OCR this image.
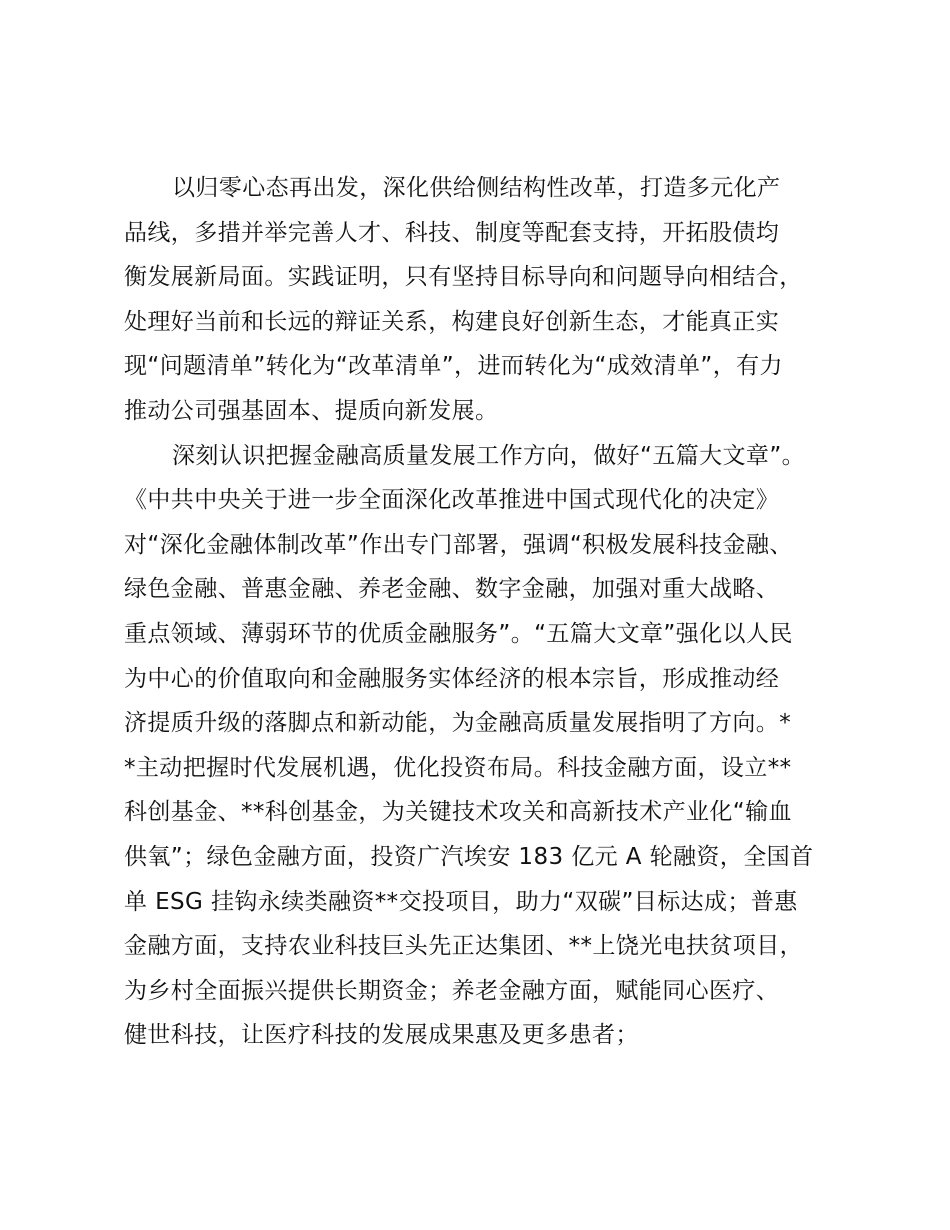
以归零心态再出发，深化供给侧结构性改革，打造多元化产
品线，多措并举完善人才、科技、制度等配套支持，开拓股债均
衡发展新局面。实践证明，只有坚持目标导向和问题导向相结合，
处理好当前和长远的辩证关系，构建良好创新生态，才能真正实
现“问题清单”转化为“改革清单”，进而转化为“成效清单”，有力
推动公司强基固本、提质向新发展。
深刻认识把握金融高质量发展工作方向，做好“五篇大文章”。
《中共中央关于进一步全面深化改革推进中国式现代化的决定》
对“深化金融体制改革”作出专门部署，强调“积极发展科技金融、
绿色金融、普惠金融、养老金融、数字金融，加强对重大战略、
重点领域、薄弱环节的优质金融服务”。“五篇大文章”强化以人民
为中心的价值取向和金融服务实体经济的根本宗旨，形成推动经
济提质升级的落脚点和新动能，为金融高质量发展指明了方向。*
*主动把握时代发展机遇，优化投资布局。科技金融方面，设立**
科创基金、**科创基金，为关键技术攻关和高新技术产业化“输血
供氧”；绿色金融方面，投资广汽埃安 183 亿元 A 轮融资，全国首
单 ESG 挂钩永续类融资**交投项目，助力“双碳”目标达成；普惠
金融方面，支持农业科技巨头先正达集团、**上饶光电扶贫项目，
为乡村全面振兴提供长期资金；养老金融方面，赋能同心医疗、
健世科技，让医疗科技的发展成果惠及更多患者；
